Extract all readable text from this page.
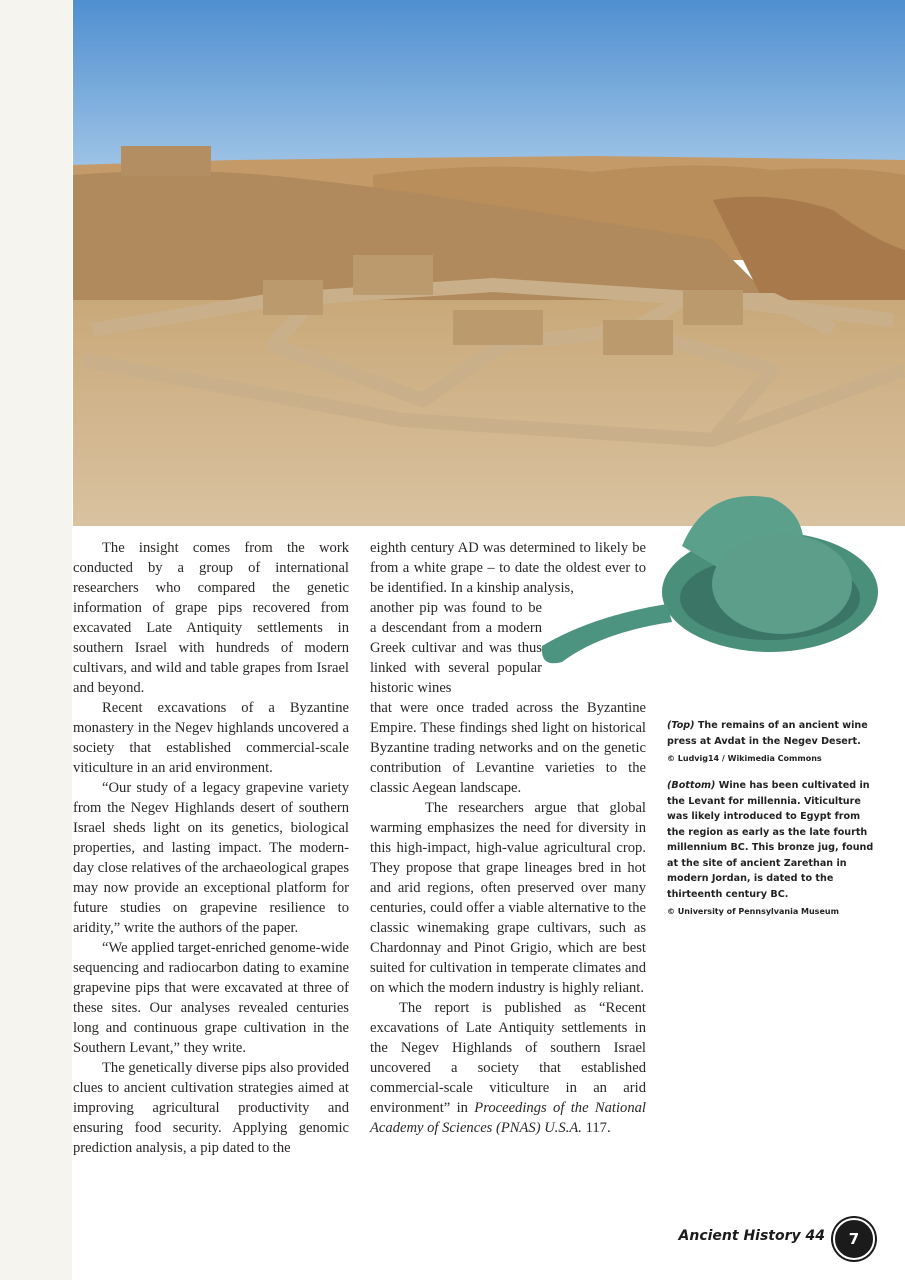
The insight comes from the work conducted by a group of international researchers who compared the genetic information of grape pips recovered from excavated Late Antiquity settlements in southern Israel with hundreds of modern cultivars, and wild and table grapes from Israel and beyond.

Recent excavations of a Byzantine monastery in the Negev highlands uncovered a society that established commercial-scale viticulture in an arid environment.

“Our study of a legacy grapevine variety from the Negev Highlands desert of southern Israel sheds light on its genetics, biological properties, and lasting impact. The modern-day close relatives of the archaeological grapes may now provide an exceptional platform for future studies on grapevine resilience to aridity,” write the authors of the paper.

“We applied target-enriched genome-wide sequencing and radiocarbon dating to examine grapevine pips that were excavated at three of these sites. Our analyses revealed centuries long and continuous grape cultivation in the Southern Levant,” they write.

The genetically diverse pips also provided clues to ancient cultivation strategies aimed at improving agricultural productivity and ensuring food security. Applying genomic prediction analysis, a pip dated to the

eighth century AD was determined to likely be from a white grape – to date the oldest ever to be identified. In a kinship analysis,

another pip was found to be a descendant from a modern Greek cultivar and was thus linked with several popular historic wines

that were once traded across the Byzantine Empire. These findings shed light on historical Byzantine trading networks and on the genetic contribution of Levantine varieties to the classic Aegean landscape.

The researchers argue that global warming emphasizes the need for diversity in this high-impact, high-value agricultural crop. They propose that grape lineages bred in hot and arid regions, often preserved over many centuries, could offer a viable alternative to the classic winemaking grape cultivars, such as Chardonnay and Pinot Grigio, which are best suited for cultivation in temperate climates and on which the modern industry is highly reliant.

The report is published as “Recent excavations of Late Antiquity settlements in the Negev Highlands of southern Israel uncovered a society that established commercial-scale viticulture in an arid environment” in Proceedings of the National Academy of Sciences (PNAS) U.S.A. 117.

(Top) The remains of an ancient wine press at Avdat in the Negev Desert.
© Ludvig14 / Wikimedia Commons
(Bottom) Wine has been cultivated in the Levant for millennia. Viticulture was likely introduced to Egypt from the region as early as the late fourth millennium BC. This bronze jug, found at the site of ancient Zarethan in modern Jordan, is dated to the thirteenth century BC.
© University of Pennsylvania Museum
Ancient History 44	7
